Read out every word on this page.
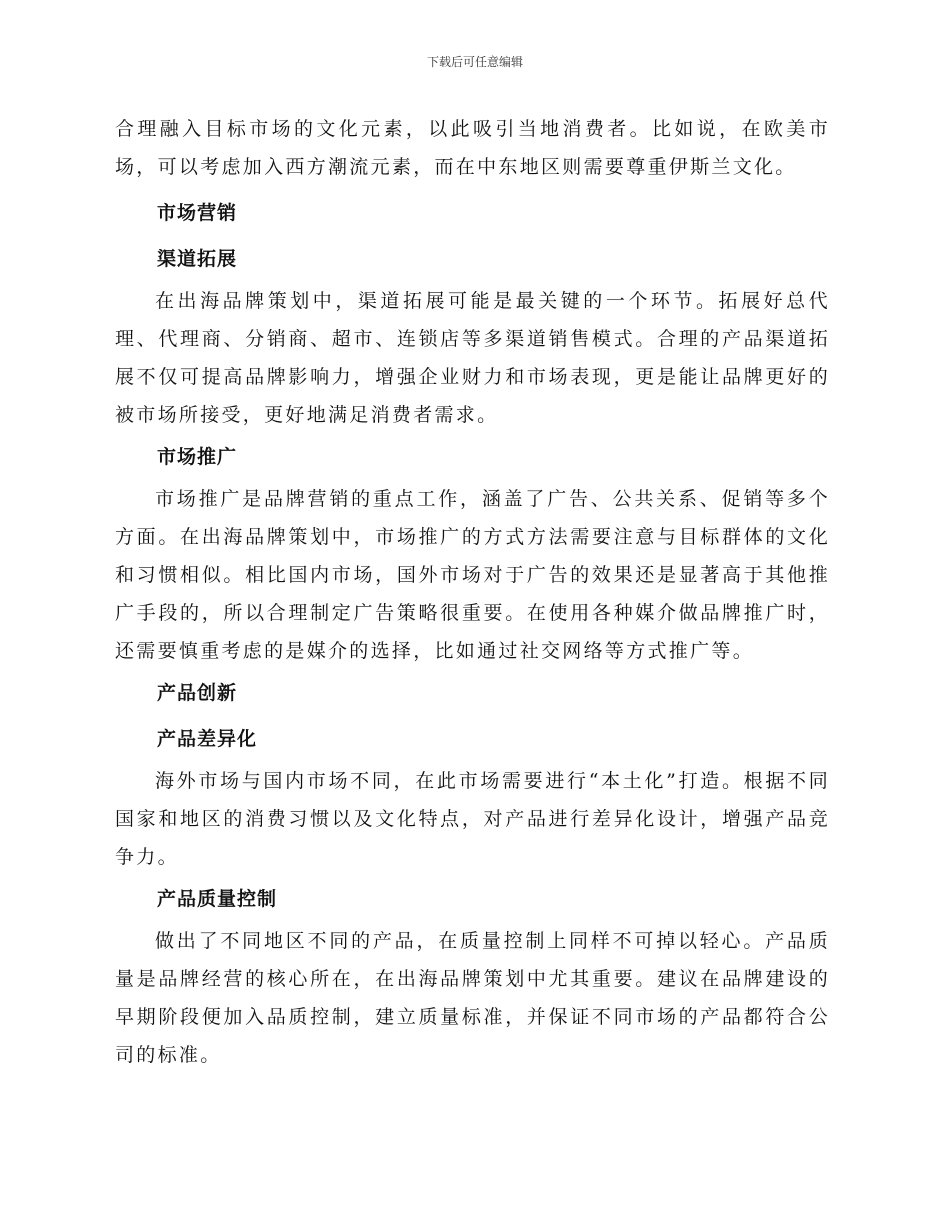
下载后可任意编辑

合理融入目标市场的文化元素，以此吸引当地消费者。比如说，在欧美市场，可以考虑加入西方潮流元素，而在中东地区则需要尊重伊斯兰文化。

市场营销
渠道拓展

在出海品牌策划中，渠道拓展可能是最关键的一个环节。拓展好总代理、代理商、分销商、超市、连锁店等多渠道销售模式。合理的产品渠道拓展不仅可提高品牌影响力，增强企业财力和市场表现，更是能让品牌更好的被市场所接受，更好地满足消费者需求。

市场推广

市场推广是品牌营销的重点工作，涵盖了广告、公共关系、促销等多个方面。在出海品牌策划中，市场推广的方式方法需要注意与目标群体的文化和习惯相似。相比国内市场，国外市场对于广告的效果还是显著高于其他推广手段的，所以合理制定广告策略很重要。在使用各种媒介做品牌推广时，还需要慎重考虑的是媒介的选择，比如通过社交网络等方式推广等。

产品创新
产品差异化

海外市场与国内市场不同，在此市场需要进行“本土化”打造。根据不同国家和地区的消费习惯以及文化特点，对产品进行差异化设计，增强产品竞争力。

产品质量控制

做出了不同地区不同的产品，在质量控制上同样不可掉以轻心。产品质量是品牌经营的核心所在，在出海品牌策划中尤其重要。建议在品牌建设的早期阶段便加入品质控制，建立质量标准，并保证不同市场的产品都符合公司的标准。
